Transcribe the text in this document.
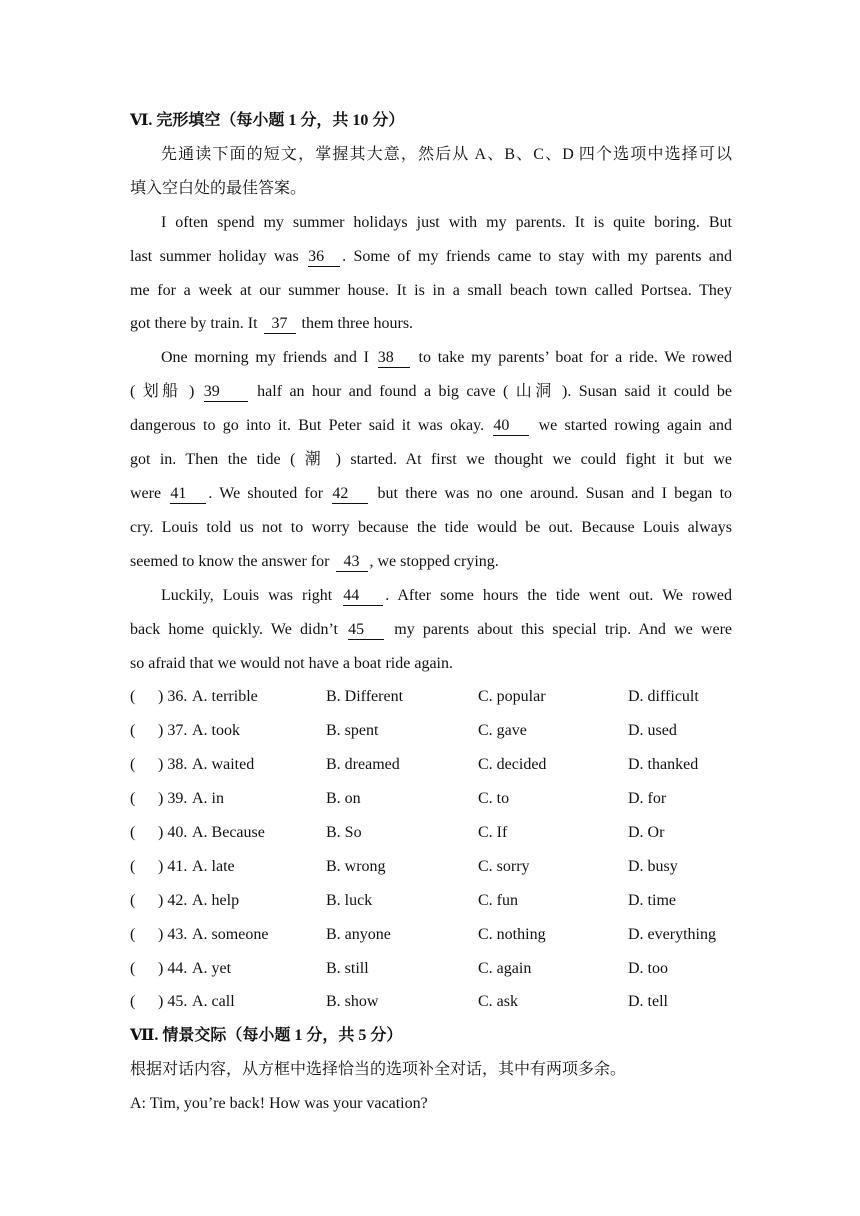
Ⅵ. 完形填空（每小题 1 分，共 10 分）
先通读下面的短文，掌握其大意，然后从 A、B、C、D 四个选项中选择可以
填入空白处的最佳答案。
I often spend my summer holidays just with my parents. It is quite boring. But
last summer holiday was 36 . Some of my friends came to stay with my parents and
me for a week at our summer house. It is in a small beach town called Portsea. They
got there by train. It 37 them three hours.
One morning my friends and I 38 to take my parents’ boat for a ride. We rowed
( 划船 ) 39 half an hour and found a big cave ( 山洞 ). Susan said it could be
dangerous to go into it. But Peter said it was okay. 40 we started rowing again and
got in. Then the tide ( 潮 ) started. At first we thought we could fight it but we
were 41 . We shouted for 42 but there was no one around. Susan and I began to
cry. Louis told us not to worry because the tide would be out. Because Louis always
seemed to know the answer for 43 , we stopped crying.
Luckily, Louis was right 44 . After some hours the tide went out. We rowed
back home quickly. We didn’t 45 my parents about this special trip. And we were
so afraid that we would not have a boat ride again.
( ) 36. A. terrible	B. Different	C. popular	D. difficult
( ) 37. A. took	B. spent	C. gave	D. used
( ) 38. A. waited	B. dreamed	C. decided	D. thanked
( ) 39. A. in	B. on	C. to	D. for
( ) 40. A. Because	B. So	C. If	D. Or
( ) 41. A. late	B. wrong	C. sorry	D. busy
( ) 42. A. help	B. luck	C. fun	D. time
( ) 43. A. someone	B. anyone	C. nothing	D. everything
( ) 44. A. yet	B. still	C. again	D. too
( ) 45. A. call	B. show	C. ask	D. tell
Ⅶ. 情景交际（每小题 1 分，共 5 分）
根据对话内容，从方框中选择恰当的选项补全对话，其中有两项多余。
A: Tim, you’re back! How was your vacation?
